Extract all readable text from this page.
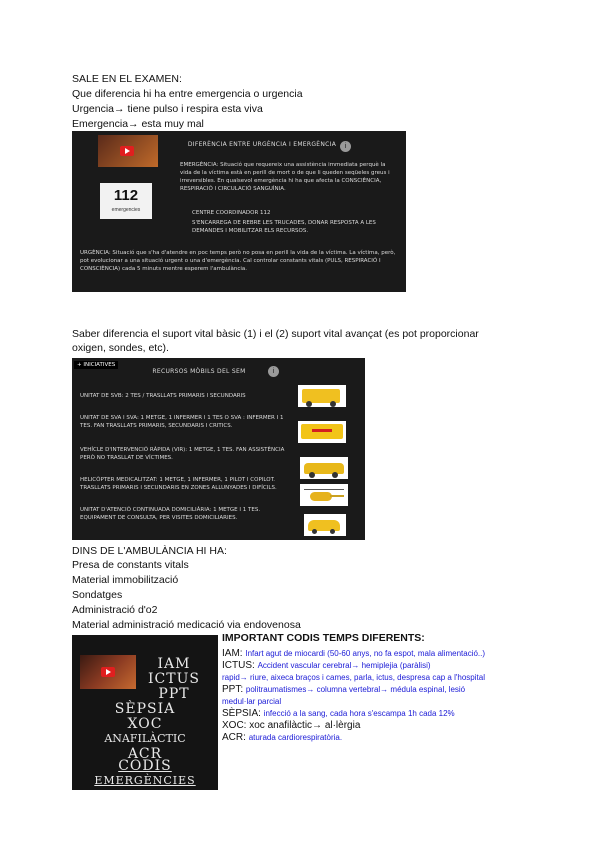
SALE EN EL EXAMEN:
Que diferencia hi ha entre emergencia o urgencia
Urgencia→ tiene pulso i respira esta viva
Emergencia→ esta muy mal
112
emergencies
DIFERÈNCIA ENTRE URGÈNCIA I EMERGÈNCIA	i
EMERGÈNCIA: Situació que requereix una assistència immediata perquè la vida de la víctima està en perill de mort o de que li queden seqüeles greus i irreversibles. En qualsevol emergència hi ha que afecta la CONSCIÈNCIA, RESPIRACIÓ I CIRCULACIÓ SANGUÍNIA.
CENTRE COORDINADOR 112
S'ENCARREGA DE REBRE LES TRUCADES, DONAR RESPOSTA A LES DEMANDES I MOBILITZAR ELS RECURSOS.
URGÈNCIA: Situació que s'ha d'atendre en poc temps però no posa en perill la vida de la víctima. La víctima, però, pot evolucionar a una situació urgent o una d'emergència. Cal controlar constants vitals (PULS, RESPIRACIÓ I CONSCIÈNCIA) cada 5 minuts mentre esperem l'ambulància.
Saber diferencia el suport vital bàsic (1) i el (2) suport vital avançat (es pot proporcionar oxigen, sondes, etc).
+ INICIATIVES
RECURSOS MÒBILS DEL SEM	i
UNITAT DE SVB: 2 TES / TRASLLATS PRIMARIS I SECUNDARIS
UNITAT DE SVA I SVA: 1 METGE, 1 INFERMER I 1 TES O SVA : INFERMER I 1 TES. FAN TRASLLATS PRIMARIS, SECUNDARIS I CRITICS.
VEHÍCLE D'INTERVENCIÓ RÀPIDA (VIR): 1 METGE, 1 TES. FAN ASSISTÈNCIA PERÒ NO TRASLLAT DE VÍCTIMES.
HELICÒPTER MEDICALITZAT: 1 METGE, 1 INFERMER, 1 PILOT I COPILOT. TRASLLATS PRIMARIS I SECUNDARIS EN ZONES ALLUNYADES I DIFÍCILS.
UNITAT D'ATENCIÓ CONTINUADA DOMICILIÀRIA: 1 METGE I 1 TES. EQUIPAMENT DE CONSULTA, PER VISITES DOMICILIARIES.
DINS DE L'AMBULÀNCIA HI HA:
Presa de constants vitals
Material immobilització
Sondatges
Administració d'o2
Material administració medicació via endovenosa
IAM
ICTUS
PPT
SÈPSIA
XOC
ANAFILÀCTIC
ACR
CODIS
EMERGÈNCIES
IMPORTANT CODIS TEMPS DIFERENTS:
IAM: Infart agut de miocardi (50-60 anys, no fa espot, mala alimentació..)
ICTUS: Accident vascular cerebral→ hemiplejia (paràlisi)
rapid→ riure, aixeca braços i cames, parla, ictus, despresa cap a l'hospital
PPT: politraumatismes→ columna vertebral→ médula espinal, lesió
medul·lar parcial
SÈPSIA: infecció a la sang, cada hora s'escampa 1h cada 12%
XOC: xoc anafilàctic→ al·lèrgia
ACR: aturada cardiorespiratòria.
